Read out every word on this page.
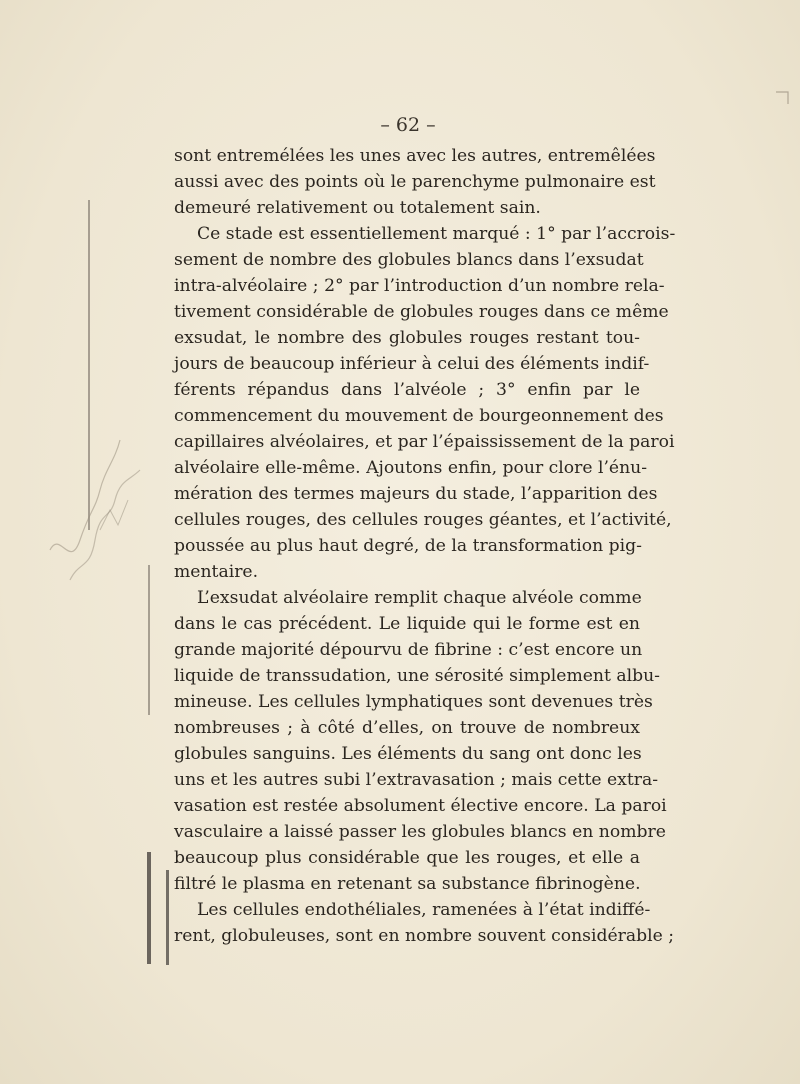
– 62 –
sont entremélées les unes avec les autres, entremêlées
aussi avec des points où le parenchyme pulmonaire est
demeuré relativement ou totalement sain.
Ce stade est essentiellement marqué : 1° par l’accrois-
sement de nombre des globules blancs dans l’exsudat
intra-alvéolaire ; 2° par l’introduction d’un nombre rela-
tivement considérable de globules rouges dans ce même
exsudat, le nombre des globules rouges restant tou-
jours de beaucoup inférieur à celui des éléments indif-
férents répandus dans l’alvéole ; 3° enfin par le
commencement du mouvement de bourgeonnement des
capillaires alvéolaires, et par l’épaississement de la paroi
alvéolaire elle-même. Ajoutons enfin, pour clore l’énu-
mération des termes majeurs du stade, l’apparition des
cellules rouges, des cellules rouges géantes, et l’activité,
poussée au plus haut degré, de la transformation pig-
mentaire.
L’exsudat alvéolaire remplit chaque alvéole comme
dans le cas précédent. Le liquide qui le forme est en
grande majorité dépourvu de fibrine : c’est encore un
liquide de transsudation, une sérosité simplement albu-
mineuse. Les cellules lymphatiques sont devenues très
nombreuses ; à côté d’elles, on trouve de nombreux
globules sanguins. Les éléments du sang ont donc les
uns et les autres subi l’extravasation ; mais cette extra-
vasation est restée absolument élective encore. La paroi
vasculaire a laissé passer les globules blancs en nombre
beaucoup plus considérable que les rouges, et elle a
filtré le plasma en retenant sa substance fibrinogène.
Les cellules endothéliales, ramenées à l’état indiffé-
rent, globuleuses, sont en nombre souvent considérable ;
